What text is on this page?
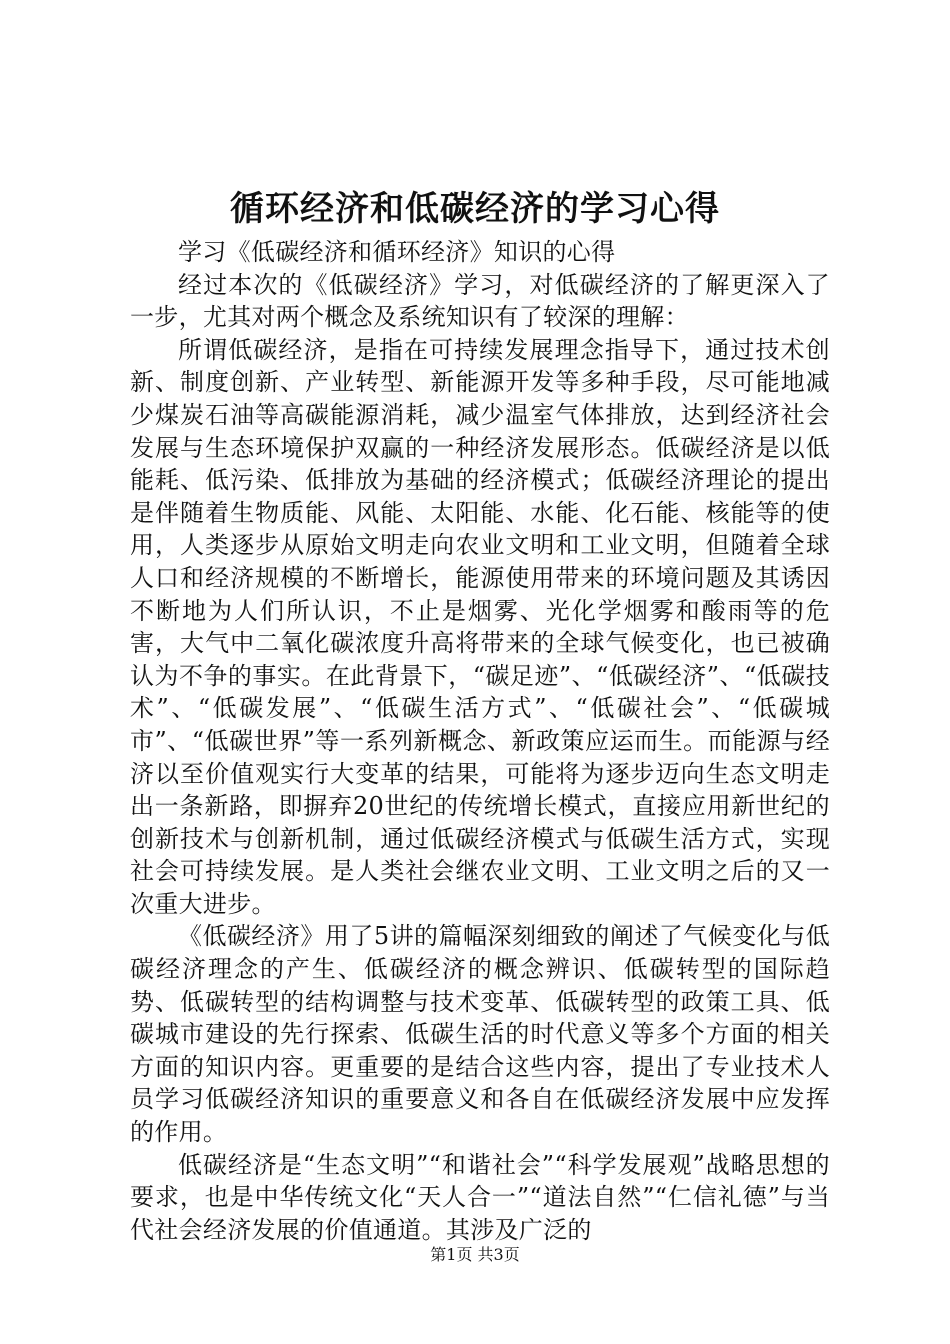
循环经济和低碳经济的学习心得

学习《低碳经济和循环经济》知识的心得

经过本次的《低碳经济》学习，对低碳经济的了解更深入了一步，尤其对两个概念及系统知识有了较深的理解：

所谓低碳经济，是指在可持续发展理念指导下，通过技术创新、制度创新、产业转型、新能源开发等多种手段，尽可能地减少煤炭石油等高碳能源消耗，减少温室气体排放，达到经济社会发展与生态环境保护双赢的一种经济发展形态。低碳经济是以低能耗、低污染、低排放为基础的经济模式；低碳经济理论的提出是伴随着生物质能、风能、太阳能、水能、化石能、核能等的使用，人类逐步从原始文明走向农业文明和工业文明，但随着全球人口和经济规模的不断增长，能源使用带来的环境问题及其诱因不断地为人们所认识，不止是烟雾、光化学烟雾和酸雨等的危害，大气中二氧化碳浓度升高将带来的全球气候变化，也已被确认为不争的事实。在此背景下，“碳足迹”、“低碳经济”、“低碳技术”、“低碳发展”、“低碳生活方式”、“低碳社会”、“低碳城市”、“低碳世界”等一系列新概念、新政策应运而生。而能源与经济以至价值观实行大变革的结果，可能将为逐步迈向生态文明走出一条新路，即摒弃20世纪的传统增长模式，直接应用新世纪的创新技术与创新机制，通过低碳经济模式与低碳生活方式，实现社会可持续发展。是人类社会继农业文明、工业文明之后的又一次重大进步。

《低碳经济》用了5讲的篇幅深刻细致的阐述了气候变化与低碳经济理念的产生、低碳经济的概念辨识、低碳转型的国际趋势、低碳转型的结构调整与技术变革、低碳转型的政策工具、低碳城市建设的先行探索、低碳生活的时代意义等多个方面的相关方面的知识内容。更重要的是结合这些内容，提出了专业技术人员学习低碳经济知识的重要意义和各自在低碳经济发展中应发挥的作用。

低碳经济是“生态文明”“和谐社会”“科学发展观”战略思想的要求，也是中华传统文化“天人合一”“道法自然”“仁信礼德”与当代社会经济发展的价值通道。其涉及广泛的

第1页 共3页
